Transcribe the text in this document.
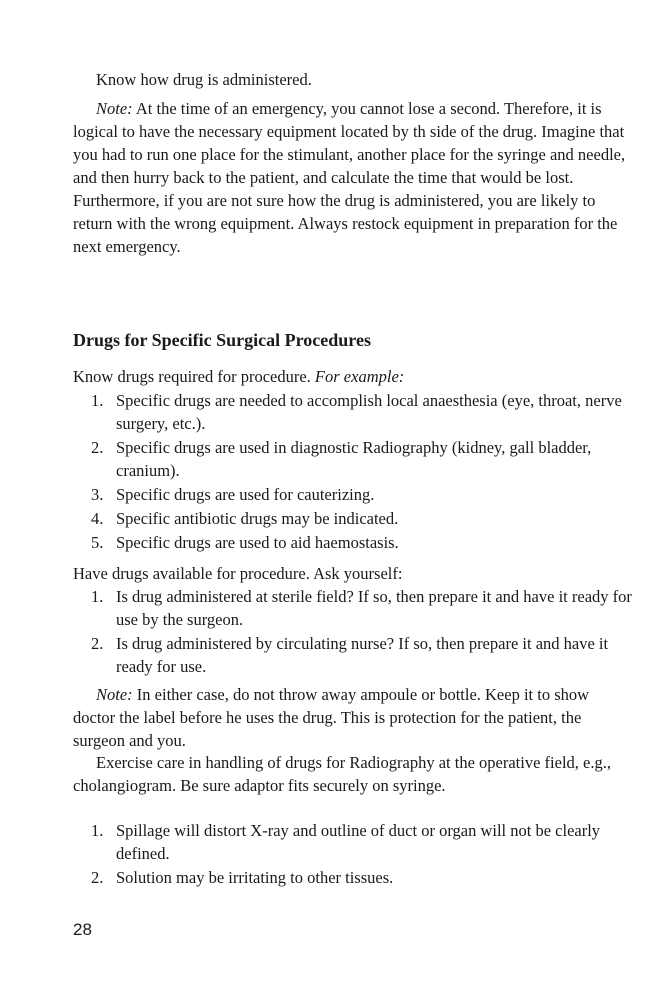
Know how drug is administered.

Note: At the time of an emergency, you cannot lose a second. Therefore, it is logical to have the necessary equipment located by th side of the drug. Imagine that you had to run one place for the stimulant, another place for the syringe and needle, and then hurry back to the patient, and calculate the time that would be lost. Furthermore, if you are not sure how the drug is administered, you are likely to return with the wrong equipment. Always restock equipment in preparation for the next emergency.

Drugs for Specific Surgical Procedures

Know drugs required for procedure. For example:

1. Specific drugs are needed to accomplish local anaesthesia (eye, throat, nerve surgery, etc.).
2. Specific drugs are used in diagnostic Radiography (kidney, gall bladder, cranium).
3. Specific drugs are used for cauterizing.
4. Specific antibiotic drugs may be indicated.
5. Specific drugs are used to aid haemostasis.

Have drugs available for procedure. Ask yourself:

1. Is drug administered at sterile field? If so, then prepare it and have it ready for use by the surgeon.
2. Is drug administered by circulating nurse? If so, then prepare it and have it ready for use.

Note: In either case, do not throw away ampoule or bottle. Keep it to show doctor the label before he uses the drug. This is protection for the patient, the surgeon and you.

Exercise care in handling of drugs for Radiography at the operative field, e.g., cholangiogram. Be sure adaptor fits securely on syringe.

1. Spillage will distort X-ray and outline of duct or organ will not be clearly defined.
2. Solution may be irritating to other tissues.
28
